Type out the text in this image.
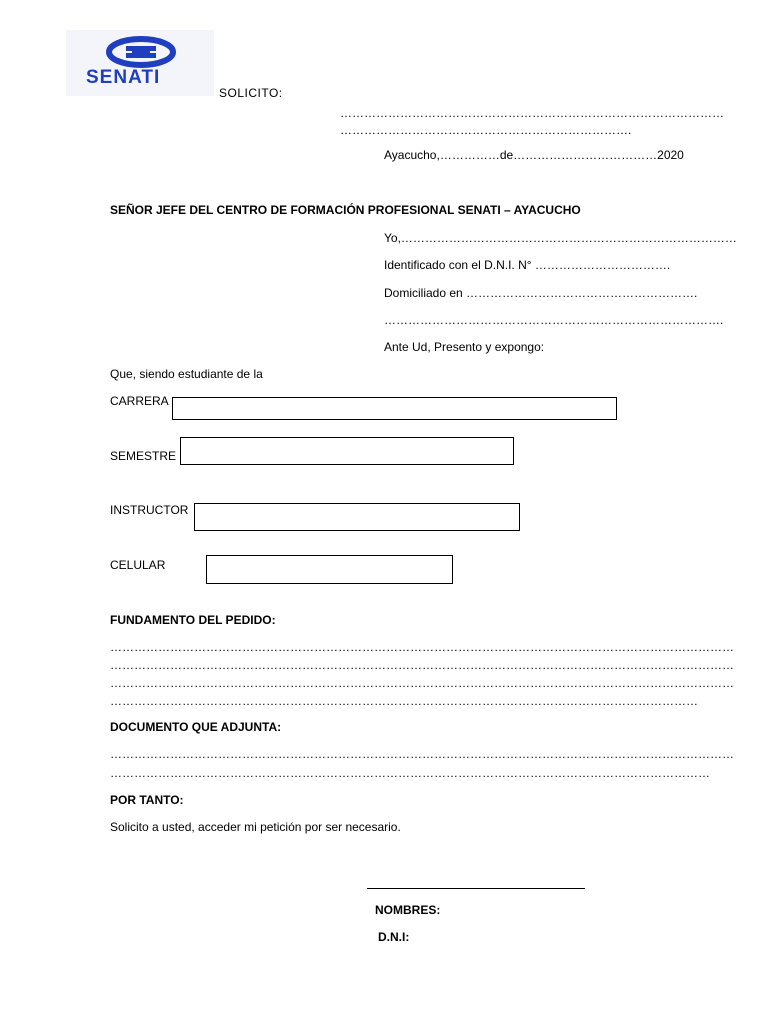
SENATI
SOLICITO:
……………………………………………………………………………………
……………………………………………………………….
Ayacucho,……………de………………………………2020
SEÑOR JEFE DEL CENTRO DE FORMACIÓN PROFESIONAL SENATI – AYACUCHO
Yo,…………………………………………………………………………
Identificado con el D.N.I. N° …………………………….
Domiciliado en ………………………………………………….
………………………………………………………………………….
Ante Ud, Presento y expongo:
Que, siendo estudiante de la
CARRERA
SEMESTRE
INSTRUCTOR
CELULAR
FUNDAMENTO DEL PEDIDO:
…………………………………………………………………………………………………………………………………………
…………………………………………………………………………………………………………………………………………
…………………………………………………………………………………………………………………………………………
…………………………………………………………………………………………………………………………………
DOCUMENTO QUE ADJUNTA:
…………………………………………………………………………………………………………………………………………
……………………………………………………………………………………………………………………………………
POR TANTO:
Solicito a usted, acceder mi petición por ser necesario.
NOMBRES:
D.N.I:
